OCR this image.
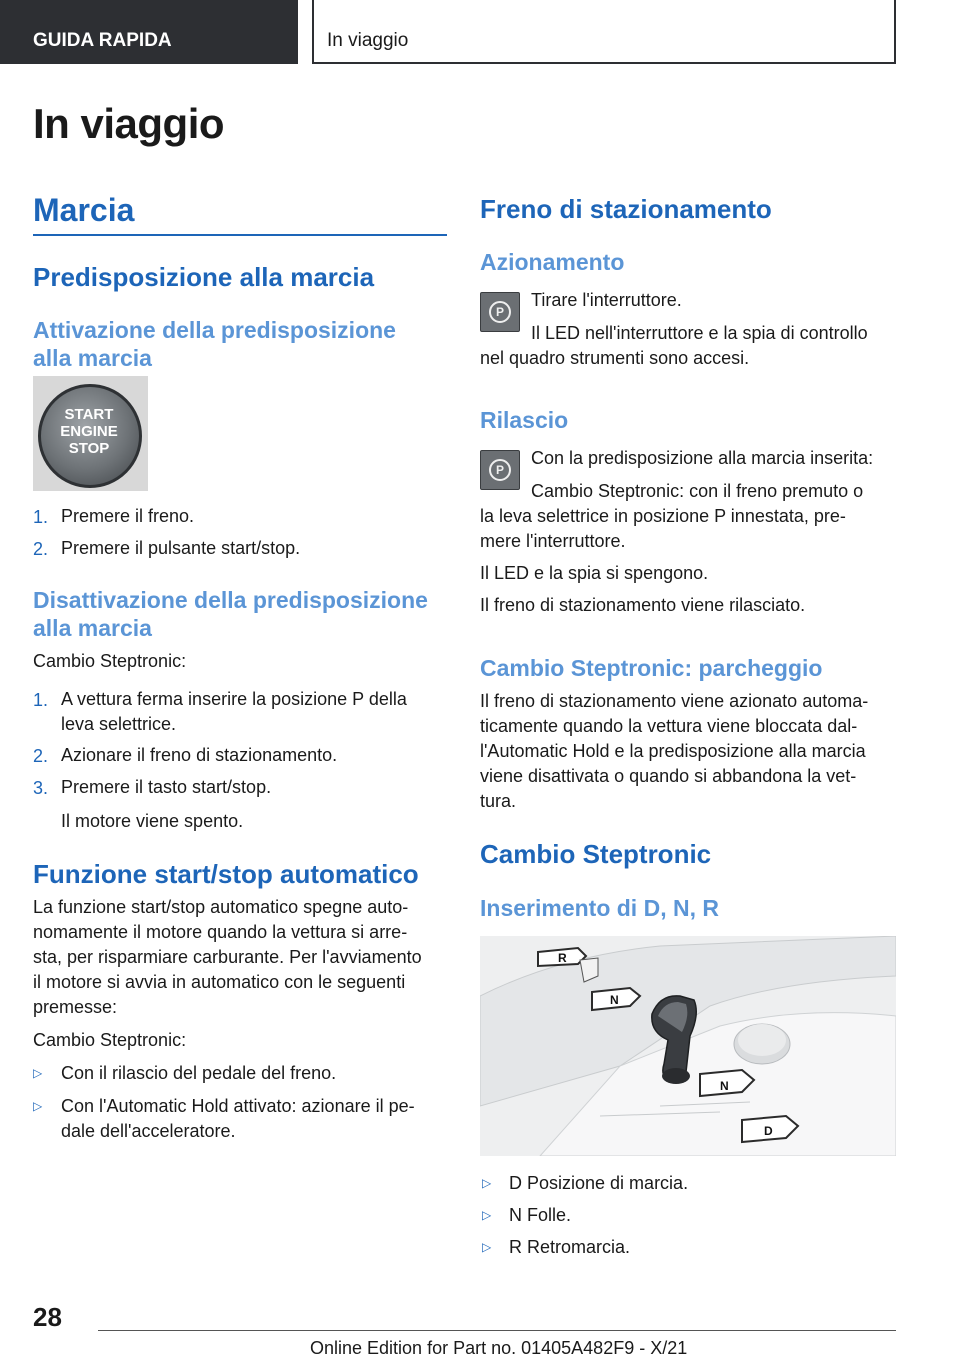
GUIDA RAPIDA	In viaggio
In viaggio
Marcia
Predisposizione alla marcia
Attivazione della predisposizione
alla marcia
START
ENGINE
STOP
1. Premere il freno.
2. Premere il pulsante start/stop.
Disattivazione della predisposizione
alla marcia
Cambio Steptronic:
1. A vettura ferma inserire la posizione P della
leva selettrice.
2. Azionare il freno di stazionamento.
3. Premere il tasto start/stop.
Il motore viene spento.
Funzione start/stop automatico
La funzione start/stop automatico spegne auto-
nomamente il motore quando la vettura si arre-
sta, per risparmiare carburante. Per l'avviamento
il motore si avvia in automatico con le seguenti
premesse:
Cambio Steptronic:
▷ Con il rilascio del pedale del freno.
▷ Con l'Automatic Hold attivato: azionare il pe-
dale dell'acceleratore.
Freno di stazionamento
Azionamento
P
Tirare l'interruttore.
Il LED nell'interruttore e la spia di controllo
nel quadro strumenti sono accesi.
Rilascio
P
Con la predisposizione alla marcia inserita:
Cambio Steptronic: con il freno premuto o
la leva selettrice in posizione P innestata, pre-
mere l'interruttore.
Il LED e la spia si spengono.
Il freno di stazionamento viene rilasciato.
Cambio Steptronic: parcheggio
Il freno di stazionamento viene azionato automa-
ticamente quando la vettura viene bloccata dal-
l'Automatic Hold e la predisposizione alla marcia
viene disattivata o quando si abbandona la vet-
tura.
Cambio Steptronic
Inserimento di D, N, R
R
N
N
D
▷ D Posizione di marcia.
▷ N Folle.
▷ R Retromarcia.
28
Online Edition for Part no. 01405A482F9 - X/21
